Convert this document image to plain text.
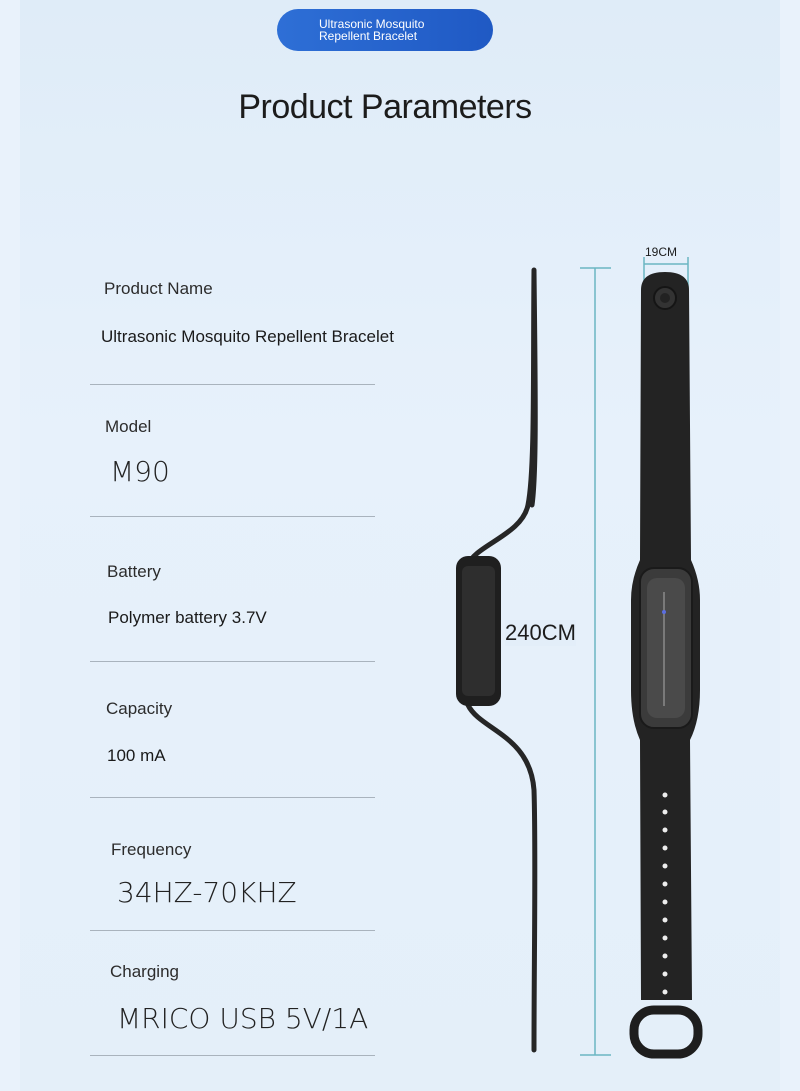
Ultrasonic Mosquito
Repellent Bracelet
Product Parameters
Product Name
Ultrasonic Mosquito Repellent Bracelet
Model
M90
Battery
Polymer battery 3.7V
Capacity
100 mA
Frequency
34HZ-70KHZ
Charging
MRICO USB 5V/1A
19CM
240CM
